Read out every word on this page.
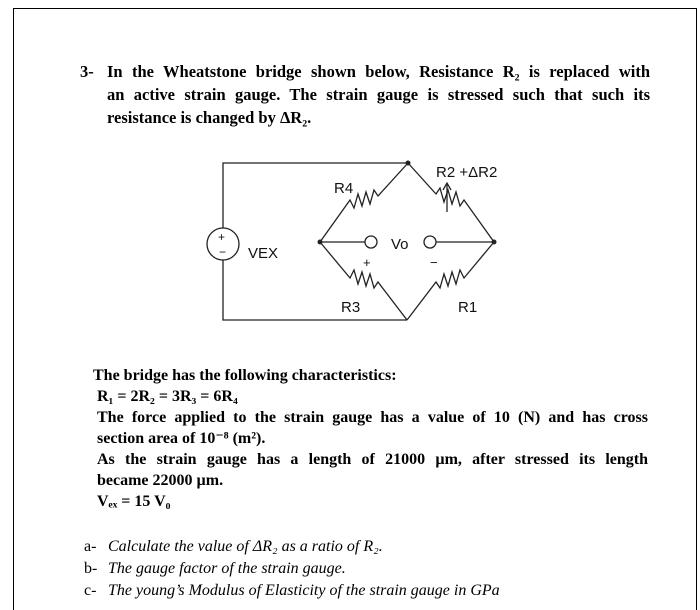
3- In the Wheatstone bridge shown below, Resistance R₂ is replaced with
an active strain gauge. The strain gauge is stressed such that such its
resistance is changed by ΔR₂.
+
− VEX
R4
R2 +ΔR2
Vo
+	−
R3	R1

The bridge has the following characteristics:

R₁ = 2R₂ = 3R₃ = 6R₄

The force applied to the strain gauge has a value of 10 (N) and has cross

section area of 10⁻⁸ (m²).

As the strain gauge has a length of 21000 µm, after stressed its length

became 22000 µm.

Vₑₓ = 15 V₀

a- Calculate the value of ΔR₂ as a ratio of R₂.
b- The gauge factor of the strain gauge.
c- The young’s Modulus of Elasticity of the strain gauge in GPa
